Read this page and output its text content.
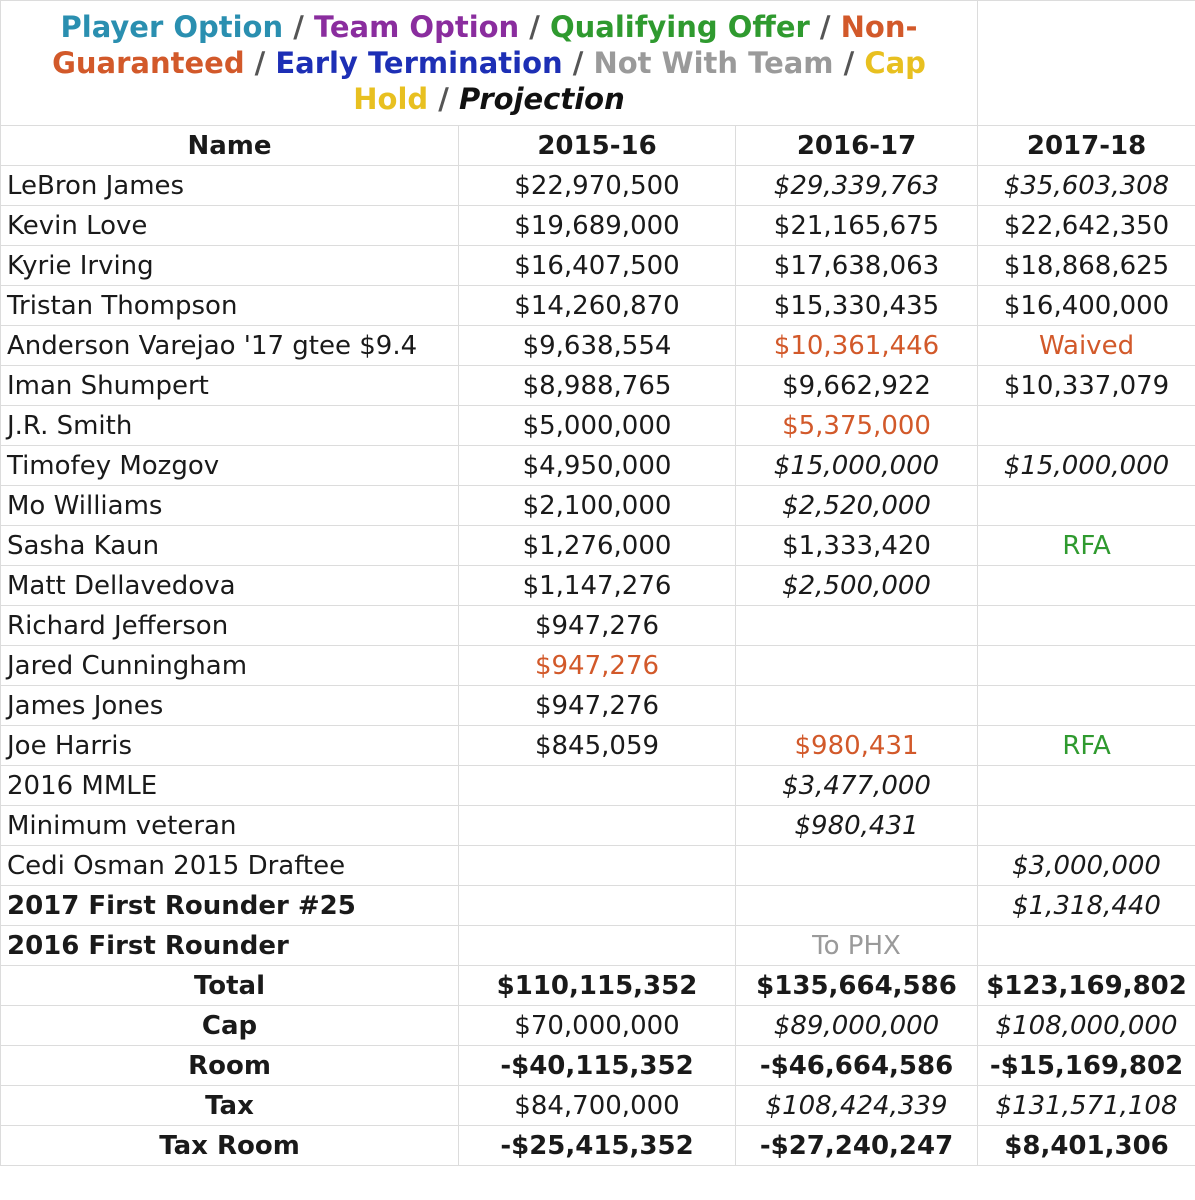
Player Option / Team Option / Qualifying Offer / Non-Guaranteed / Early Termination / Not With Team / Cap Hold / Projection			
Name	2015-16	2016-17	2017-18
LeBron James	$22,970,500	$29,339,763	$35,603,308
Kevin Love	$19,689,000	$21,165,675	$22,642,350
Kyrie Irving	$16,407,500	$17,638,063	$18,868,625
Tristan Thompson	$14,260,870	$15,330,435	$16,400,000
Anderson Varejao '17 gtee $9.4	$9,638,554	$10,361,446	Waived
Iman Shumpert	$8,988,765	$9,662,922	$10,337,079
J.R. Smith	$5,000,000	$5,375,000	
Timofey Mozgov	$4,950,000	$15,000,000	$15,000,000
Mo Williams	$2,100,000	$2,520,000	
Sasha Kaun	$1,276,000	$1,333,420	RFA
Matt Dellavedova	$1,147,276	$2,500,000	
Richard Jefferson	$947,276		
Jared Cunningham	$947,276		
James Jones	$947,276		
Joe Harris	$845,059	$980,431	RFA
2016 MMLE		$3,477,000	
Minimum veteran		$980,431	
Cedi Osman 2015 Draftee			$3,000,000
2017 First Rounder #25			$1,318,440
2016 First Rounder		To PHX	
Total	$110,115,352	$135,664,586	$123,169,802
Cap	$70,000,000	$89,000,000	$108,000,000
Room	-$40,115,352	-$46,664,586	-$15,169,802
Tax	$84,700,000	$108,424,339	$131,571,108
Tax Room	-$25,415,352	-$27,240,247	$8,401,306
